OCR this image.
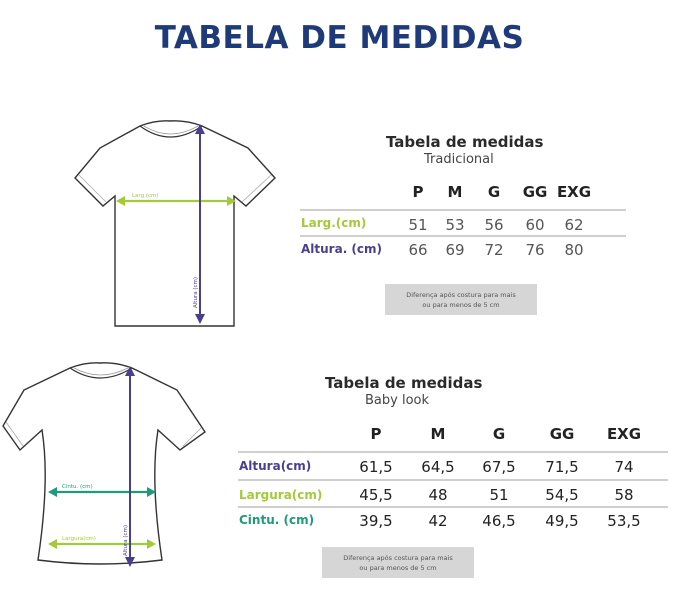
TABELA DE MEDIDAS
Larg.(cm)
Altura (cm)
Tabela de medidas
Tradicional
P	M	G	GG EXG
Larg.(cm)	51	53	56	60	62
Altura. (cm)	66	69	72	76	80
Diferença após costura para mais
ou para menos de 5 cm
Cintu. (cm)
Largura(cm)	Altura (cm)
Tabela de medidas
Baby look
P	M	G	GG	EXG
Altura(cm)	61,5 64,5 67,5 71,5	74
Largura(cm) 45,5	48	51	54,5	58
Cintu. (cm)	39,5	42	46,5 49,5 53,5
Diferença após costura para mais
ou para menos de 5 cm
